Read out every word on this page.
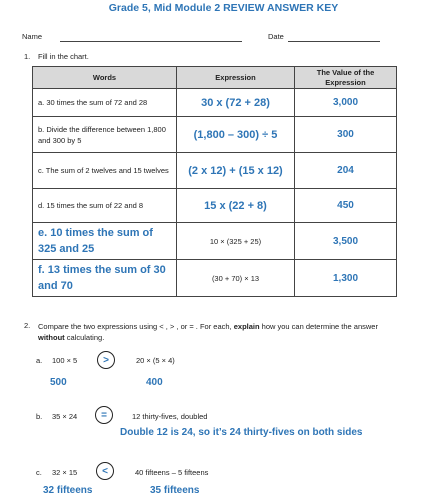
Grade 5, Mid Module 2 REVIEW ANSWER KEY
Name	Date
1. Fill in the chart.
Words	Expression	The Value of the Expression
a. 30 times the sum of 72 and 28	30 x (72 + 28)	3,000
b. Divide the difference between 1,800 and 300 by 5	(1,800 – 300) ÷ 5	300
c. The sum of 2 twelves and 15 twelves	(2 x 12) + (15 x 12)	204
d. 15 times the sum of 22 and 8	15 x (22 + 8)	450
e. 10 times the sum of 325 and 25	10 × (325 + 25)	3,500
f. 13 times the sum of 30 and 70	(30 + 70) × 13	1,300
2. Compare the two expressions using < , > , or = . For each, explain how you can determine the answer without calculating.
a. 100 × 5	>	20 × (5 × 4)
500	400
b. 35 × 24	=	12 thirty-fives, doubled
Double 12 is 24, so it’s 24 thirty-fives on both sides
c. 32 × 15	<	40 fifteens – 5 fifteens
32 fifteens	35 fifteens
